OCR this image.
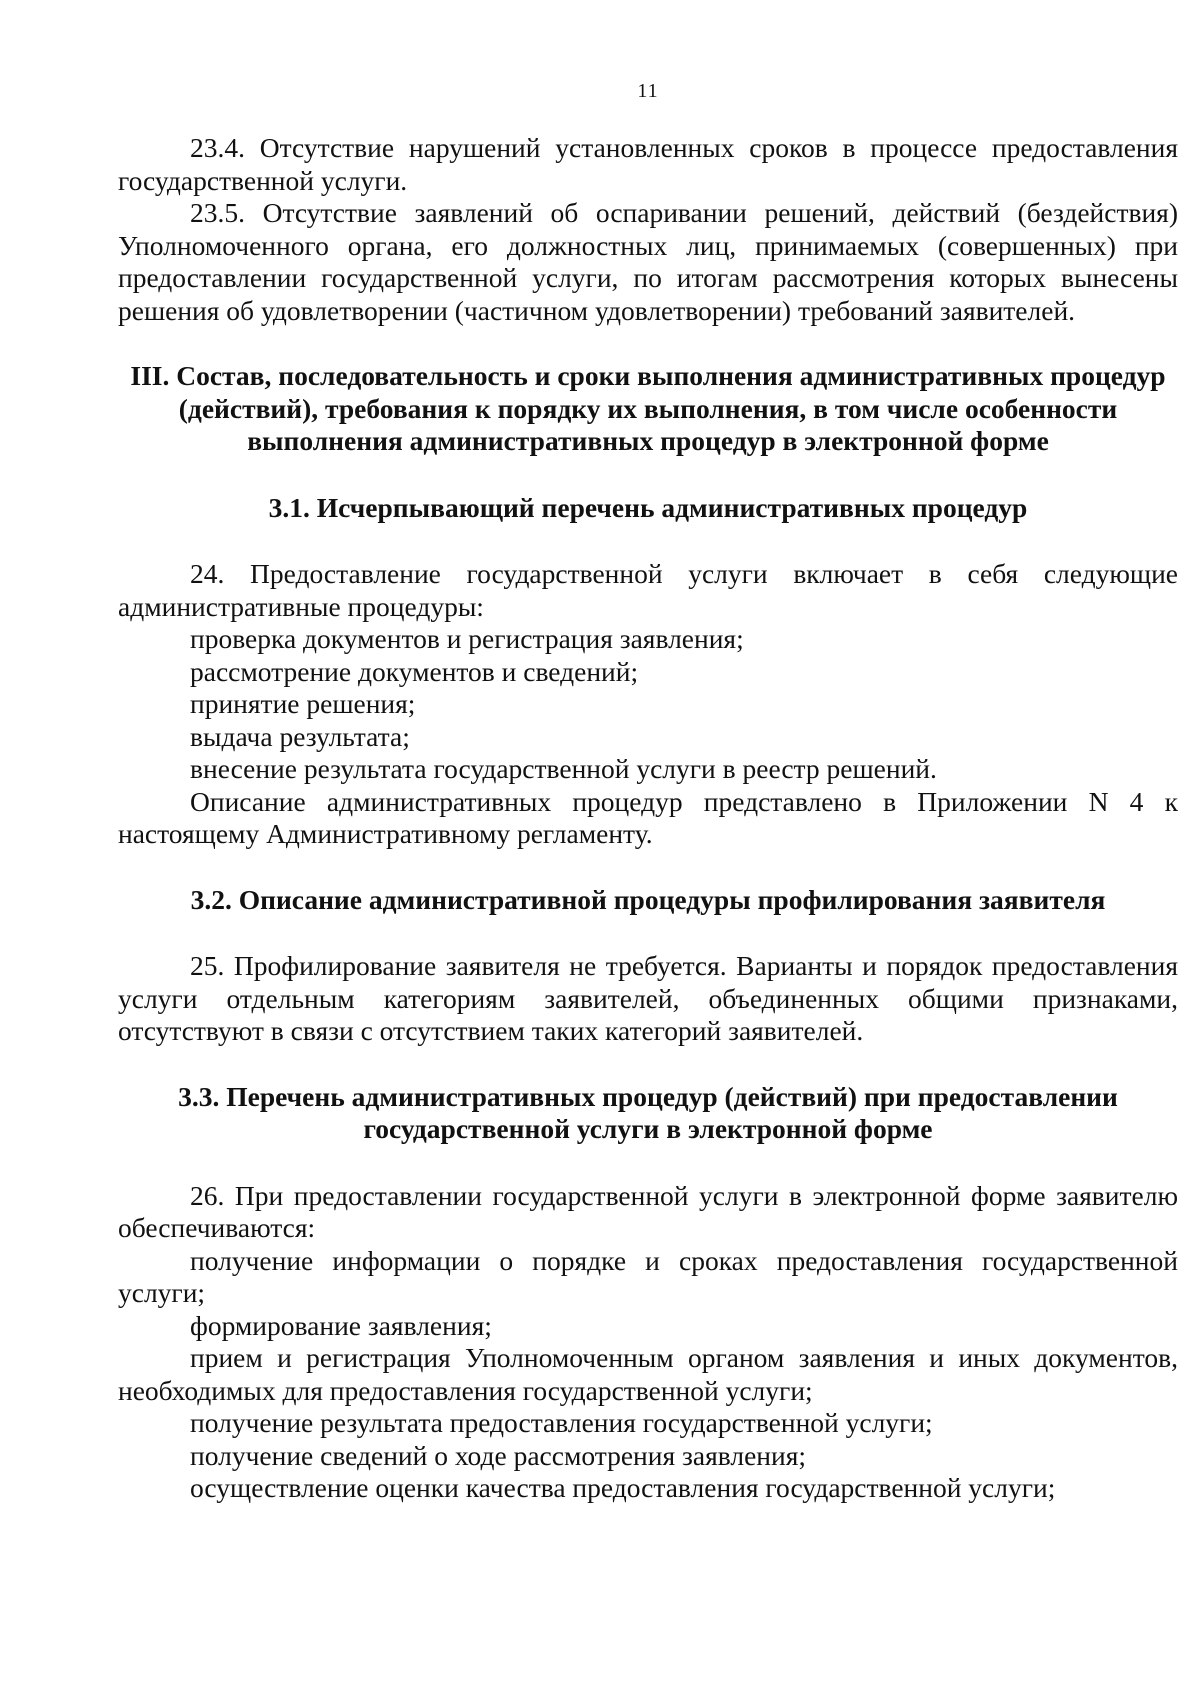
11

23.4. Отсутствие нарушений установленных сроков в процессе предоставления государственной услуги.

23.5. Отсутствие заявлений об оспаривании решений, действий (бездействия) Уполномоченного органа, его должностных лиц, принимаемых (совершенных) при предоставлении государственной услуги, по итогам рассмотрения которых вынесены решения об удовлетворении (частичном удовлетворении) требований заявителей.

III. Состав, последовательность и сроки выполнения административных процедур (действий), требования к порядку их выполнения, в том числе особенности выполнения административных процедур в электронной форме
3.1. Исчерпывающий перечень административных процедур

24. Предоставление государственной услуги включает в себя следующие административные процедуры:

проверка документов и регистрация заявления;

рассмотрение документов и сведений;

принятие решения;

выдача результата;

внесение результата государственной услуги в реестр решений.

Описание административных процедур представлено в Приложении N 4 к настоящему Административному регламенту.

3.2. Описание административной процедуры профилирования заявителя

25. Профилирование заявителя не требуется. Варианты и порядок предоставления услуги отдельным категориям заявителей, объединенных общими признаками, отсутствуют в связи с отсутствием таких категорий заявителей.

3.3. Перечень административных процедур (действий) при предоставлении государственной услуги в электронной форме

26. При предоставлении государственной услуги в электронной форме заявителю обеспечиваются:

получение информации о порядке и сроках предоставления государственной услуги;

формирование заявления;

прием и регистрация Уполномоченным органом заявления и иных документов, необходимых для предоставления государственной услуги;

получение результата предоставления государственной услуги;

получение сведений о ходе рассмотрения заявления;

осуществление оценки качества предоставления государственной услуги;
